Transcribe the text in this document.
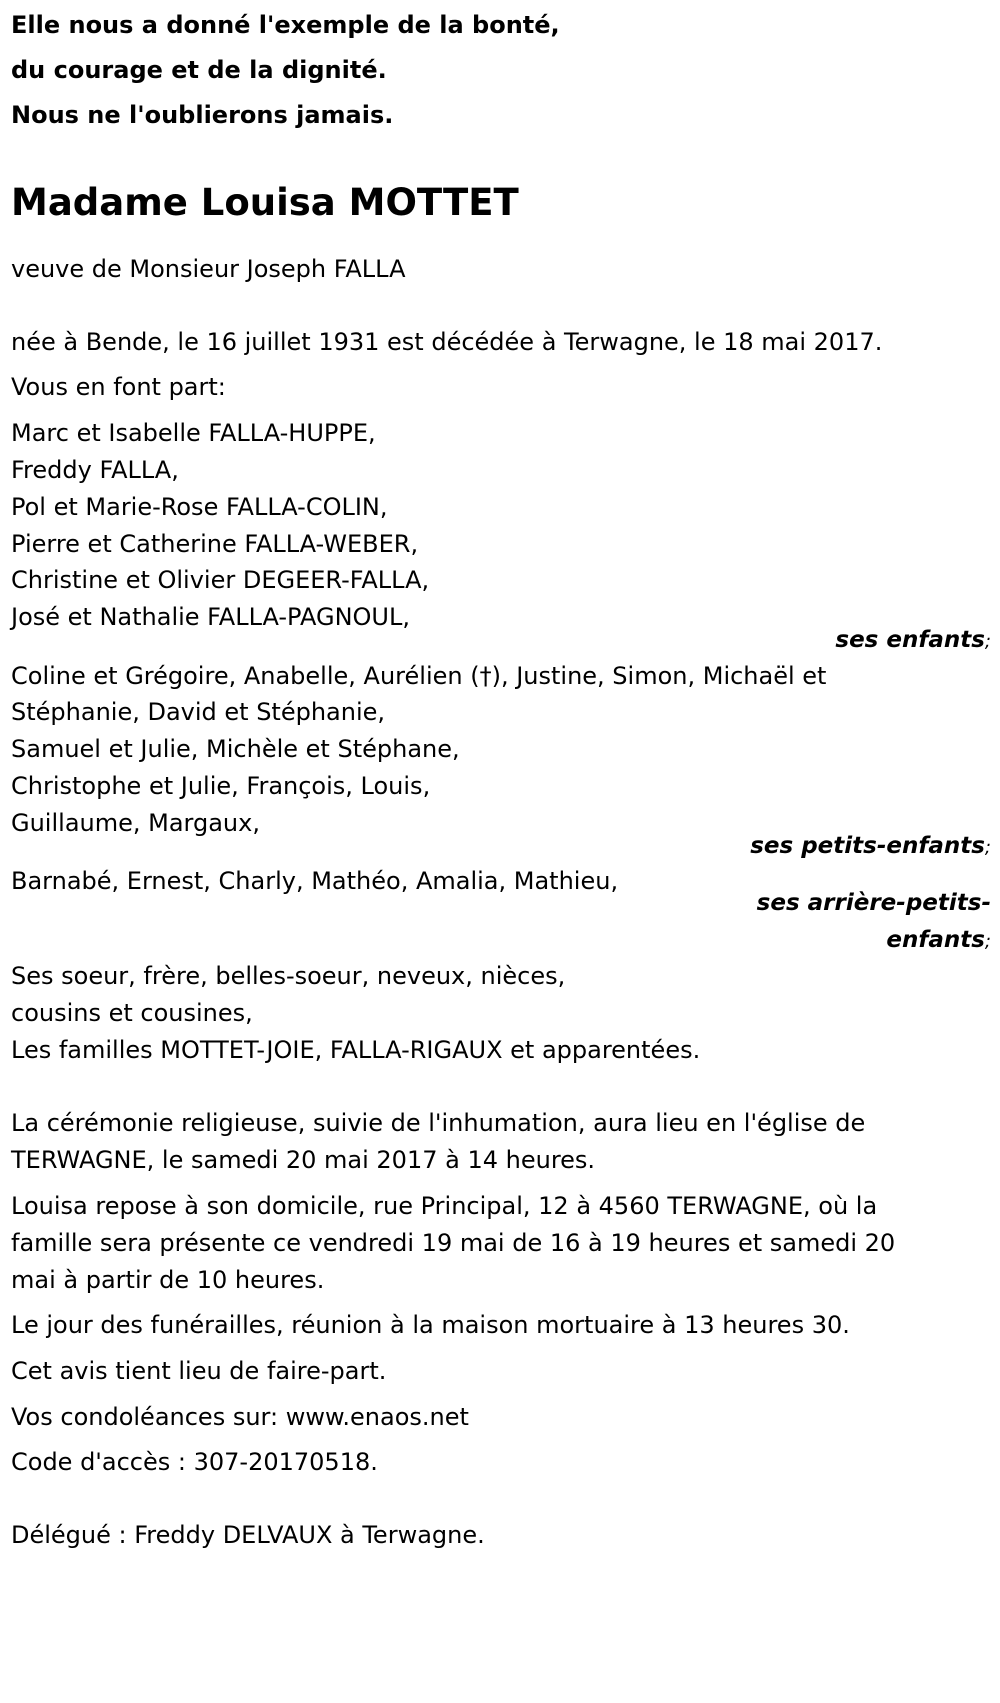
Elle nous a donné l'exemple de la bonté,
du courage et de la dignité.
Nous ne l'oublierons jamais.
Madame Louisa MOTTET
veuve de Monsieur Joseph FALLA
née à Bende, le 16 juillet 1931 est décédée à Terwagne, le 18 mai 2017.
Vous en font part:
Marc et Isabelle FALLA-HUPPE,
Freddy FALLA,
Pol et Marie-Rose FALLA-COLIN,
Pierre et Catherine FALLA-WEBER,
Christine et Olivier DEGEER-FALLA,
José et Nathalie FALLA-PAGNOUL,
ses enfants;
Coline et Grégoire, Anabelle, Aurélien (†), Justine, Simon, Michaël et
Stéphanie, David et Stéphanie,
Samuel et Julie, Michèle et Stéphane,
Christophe et Julie, François, Louis,
Guillaume, Margaux,
ses petits-enfants;
Barnabé, Ernest, Charly, Mathéo, Amalia, Mathieu,
ses arrière-petits-
enfants;
Ses soeur, frère, belles-soeur, neveux, nièces,
cousins et cousines,
Les familles MOTTET-JOIE, FALLA-RIGAUX et apparentées.
La cérémonie religieuse, suivie de l'inhumation, aura lieu en l'église de
TERWAGNE, le samedi 20 mai 2017 à 14 heures.
Louisa repose à son domicile, rue Principal, 12 à 4560 TERWAGNE, où la
famille sera présente ce vendredi 19 mai de 16 à 19 heures et samedi 20
mai à partir de 10 heures.
Le jour des funérailles, réunion à la maison mortuaire à 13 heures 30.
Cet avis tient lieu de faire-part.
Vos condoléances sur: www.enaos.net
Code d'accès : 307-20170518.
Délégué : Freddy DELVAUX à Terwagne.
